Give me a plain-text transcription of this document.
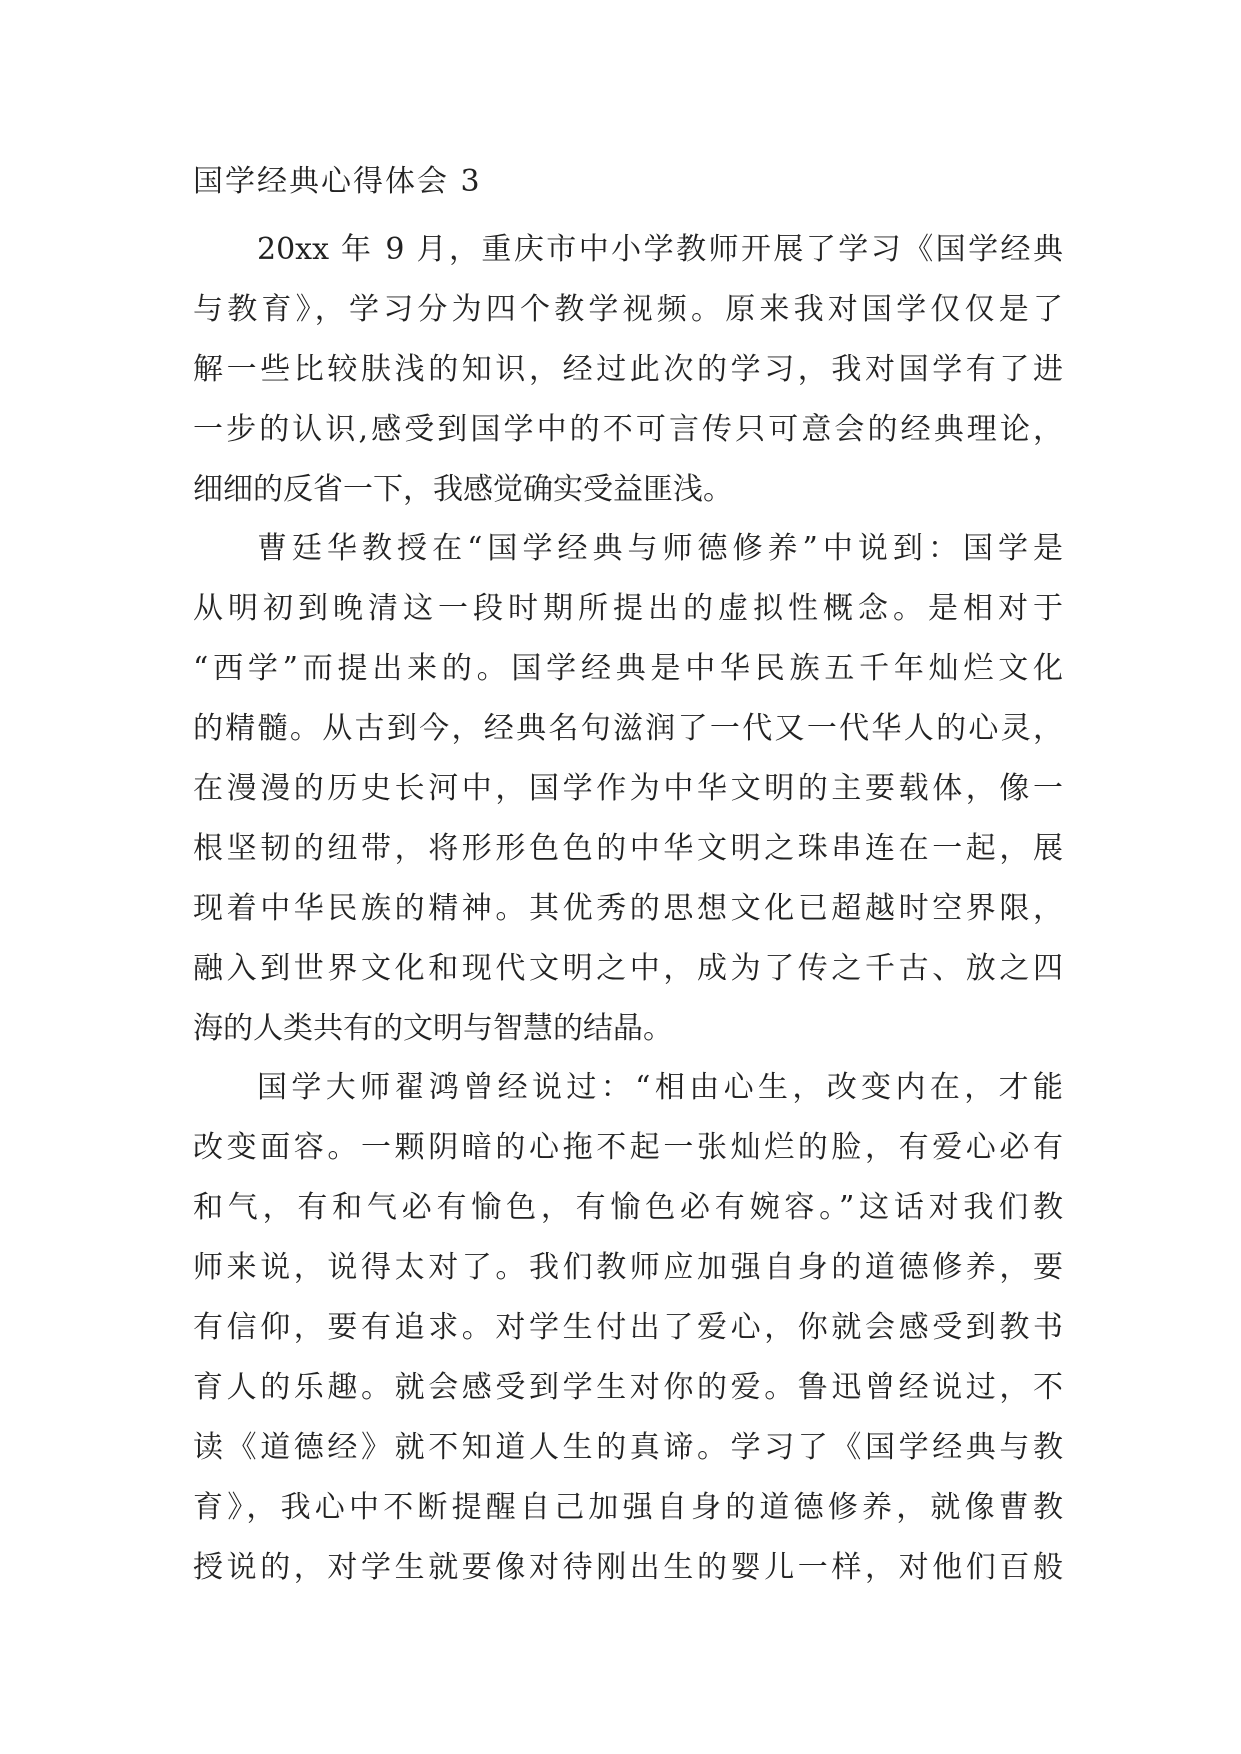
国学经典心得体会 3

20xx 年 9 月，重庆市中小学教师开展了学习《国学经典
与教育》，学习分为四个教学视频。原来我对国学仅仅是了
解一些比较肤浅的知识，经过此次的学习，我对国学有了进
一步的认识,感受到国学中的不可言传只可意会的经典理论，
细细的反省一下，我感觉确实受益匪浅。

曹廷华教授在“国学经典与师德修养”中说到：国学是
从明初到晚清这一段时期所提出的虚拟性概念。是相对于
“西学”而提出来的。国学经典是中华民族五千年灿烂文化
的精髓。从古到今，经典名句滋润了一代又一代华人的心灵，
在漫漫的历史长河中，国学作为中华文明的主要载体，像一
根坚韧的纽带，将形形色色的中华文明之珠串连在一起，展
现着中华民族的精神。其优秀的思想文化已超越时空界限，
融入到世界文化和现代文明之中，成为了传之千古、放之四
海的人类共有的文明与智慧的结晶。

国学大师翟鸿曾经说过：“相由心生，改变内在，才能
改变面容。一颗阴暗的心拖不起一张灿烂的脸，有爱心必有
和气，有和气必有愉色，有愉色必有婉容。”这话对我们教
师来说，说得太对了。我们教师应加强自身的道德修养，要
有信仰，要有追求。对学生付出了爱心，你就会感受到教书
育人的乐趣。就会感受到学生对你的爱。鲁迅曾经说过，不
读《道德经》就不知道人生的真谛。学习了《国学经典与教
育》，我心中不断提醒自己加强自身的道德修养，就像曹教
授说的，对学生就要像对待刚出生的婴儿一样，对他们百般
